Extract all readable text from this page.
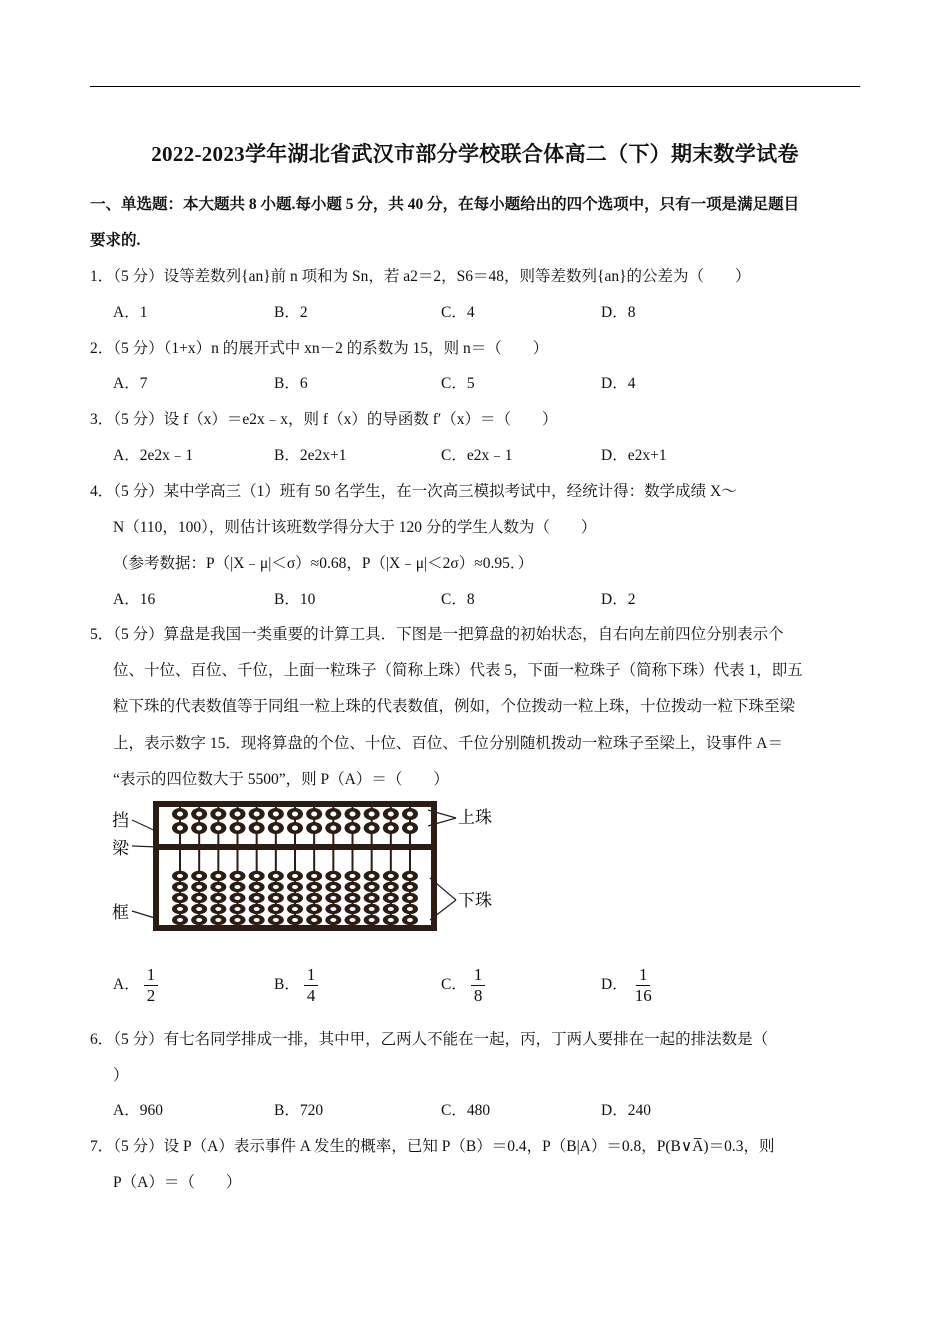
2022-2023学年湖北省武汉市部分学校联合体高二（下）期末数学试卷
一、单选题：本大题共 8 小题.每小题 5 分，共 40 分，在每小题给出的四个选项中，只有一项是满足题目
要求的.
1．（5 分）设等差数列{an}前 n 项和为 Sn，若 a2＝2，S6＝48，则等差数列{an}的公差为（　　）
A．1	B．2	C．4	D．8
2．（5 分）（1+x）n 的展开式中 xn－2 的系数为 15，则 n＝（　　）
A．7	B．6	C．5	D．4
3．（5 分）设 f（x）＝e2x﹣x，则 f（x）的导函数 f′（x）＝（　　）
A．2e2x﹣1	B．2e2x+1	C．e2x﹣1	D．e2x+1
4．（5 分）某中学高三（1）班有 50 名学生，在一次高三模拟考试中，经统计得：数学成绩 X～
N（110，100），则估计该班数学得分大于 120 分的学生人数为（　　）
（参考数据：P（|X﹣μ|＜σ）≈0.68，P（|X﹣μ|＜2σ）≈0.95．）
A．16	B．10	C．8	D．2
5．（5 分）算盘是我国一类重要的计算工具．下图是一把算盘的初始状态，自右向左前四位分别表示个
位、十位、百位、千位，上面一粒珠子（简称上珠）代表 5，下面一粒珠子（简称下珠）代表 1，即五
粒下珠的代表数值等于同组一粒上珠的代表数值，例如，个位拨动一粒上珠，十位拨动一粒下珠至梁
上，表示数字 15．现将算盘的个位、十位、百位、千位分别随机拨动一粒珠子至梁上，设事件 A＝
“表示的四位数大于 5500”，则 P（A）＝（　　）
挡
梁
框
上珠
下珠
A． $\frac{1}{2}$	B． $\frac{1}{4}$	C． $\frac{1}{8}$	D． $\frac{1}{16}$
6．（5 分）有七名同学排成一排，其中甲，乙两人不能在一起，丙，丁两人要排在一起的排法数是（
）
A．960	B．720	C．480	D．240
7．（5 分）设 P（A）表示事件 A 发生的概率，已知 P（B）＝0.4，P（B|A）＝0.8，P(B∨A̅)＝0.3，则
P（A）＝（　　）
